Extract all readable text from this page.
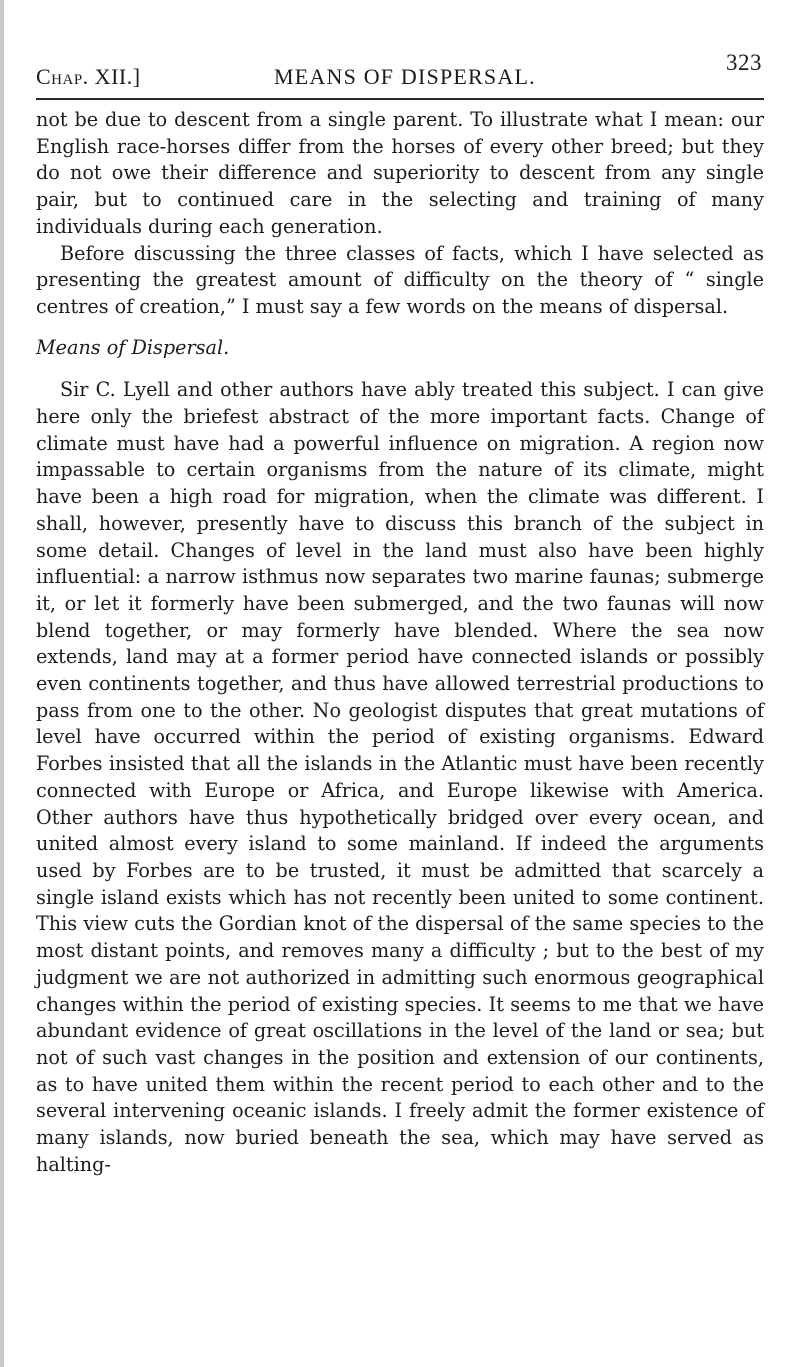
Chap. XII.]	MEANS OF DISPERSAL.
323

not be due to descent from a single parent. To illustrate what I mean: our English race-horses differ from the horses of every other breed; but they do not owe their difference and superiority to descent from any single pair, but to continued care in the selecting and training of many individuals during each generation.

Before discussing the three classes of facts, which I have selected as presenting the greatest amount of difficulty on the theory of “ single centres of creation,” I must say a few words on the means of dispersal.

Means of Dispersal.

Sir C. Lyell and other authors have ably treated this subject. I can give here only the briefest abstract of the more important facts. Change of climate must have had a powerful influence on migration. A region now impassable to certain organisms from the nature of its climate, might have been a high road for migration, when the climate was different. I shall, however, presently have to discuss this branch of the subject in some detail. Changes of level in the land must also have been highly influential: a narrow isthmus now separates two marine faunas; submerge it, or let it formerly have been submerged, and the two faunas will now blend together, or may formerly have blended. Where the sea now extends, land may at a former period have connected islands or possibly even continents together, and thus have allowed terrestrial productions to pass from one to the other. No geologist disputes that great mutations of level have occurred within the period of existing organisms. Edward Forbes insisted that all the islands in the Atlantic must have been recently connected with Europe or Africa, and Europe likewise with America. Other authors have thus hypothetically bridged over every ocean, and united almost every island to some mainland. If indeed the arguments used by Forbes are to be trusted, it must be admitted that scarcely a single island exists which has not recently been united to some continent. This view cuts the Gordian knot of the dispersal of the same species to the most distant points, and removes many a difficulty ; but to the best of my judgment we are not authorized in admitting such enormous geographical changes within the period of existing species. It seems to me that we have abundant evidence of great oscillations in the level of the land or sea; but not of such vast changes in the position and extension of our continents, as to have united them within the recent period to each other and to the several intervening oceanic islands. I freely admit the former existence of many islands, now buried beneath the sea, which may have served as halting-
